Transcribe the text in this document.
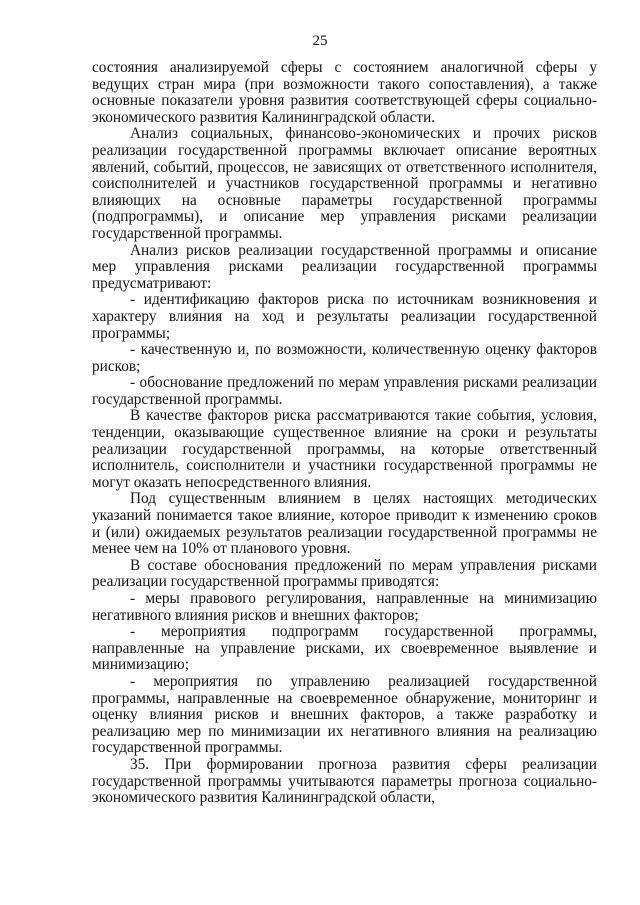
25

состояния анализируемой сферы с состоянием аналогичной сферы у ведущих стран мира (при возможности такого сопоставления), а также основные показатели уровня развития соответствующей сферы социально-экономического развития Калининградской области.

Анализ социальных, финансово-экономических и прочих рисков реализации государственной программы включает описание вероятных явлений, событий, процессов, не зависящих от ответственного исполнителя, соисполнителей и участников государственной программы и негативно влияющих на основные параметры государственной программы (подпрограммы), и описание мер управления рисками реализации государственной программы.

Анализ рисков реализации государственной программы и описание мер управления рисками реализации государственной программы предусматривают:

- идентификацию факторов риска по источникам возникновения и характеру влияния на ход и результаты реализации государственной программы;

- качественную и, по возможности, количественную оценку факторов рисков;

- обоснование предложений по мерам управления рисками реализации государственной программы.

В качестве факторов риска рассматриваются такие события, условия, тенденции, оказывающие существенное влияние на сроки и результаты реализации государственной программы, на которые ответственный исполнитель, соисполнители и участники государственной программы не могут оказать непосредственного влияния.

Под существенным влиянием в целях настоящих методических указаний понимается такое влияние, которое приводит к изменению сроков и (или) ожидаемых результатов реализации государственной программы не менее чем на 10% от планового уровня.

В составе обоснования предложений по мерам управления рисками реализации государственной программы приводятся:

- меры правового регулирования, направленные на минимизацию негативного влияния рисков и внешних факторов;

- мероприятия подпрограмм государственной программы, направленные на управление рисками, их своевременное выявление и минимизацию;

- мероприятия по управлению реализацией государственной программы, направленные на своевременное обнаружение, мониторинг и оценку влияния рисков и внешних факторов, а также разработку и реализацию мер по минимизации их негативного влияния на реализацию государственной программы.

35. При формировании прогноза развития сферы реализации государственной программы учитываются параметры прогноза социально-экономического развития Калининградской области,
